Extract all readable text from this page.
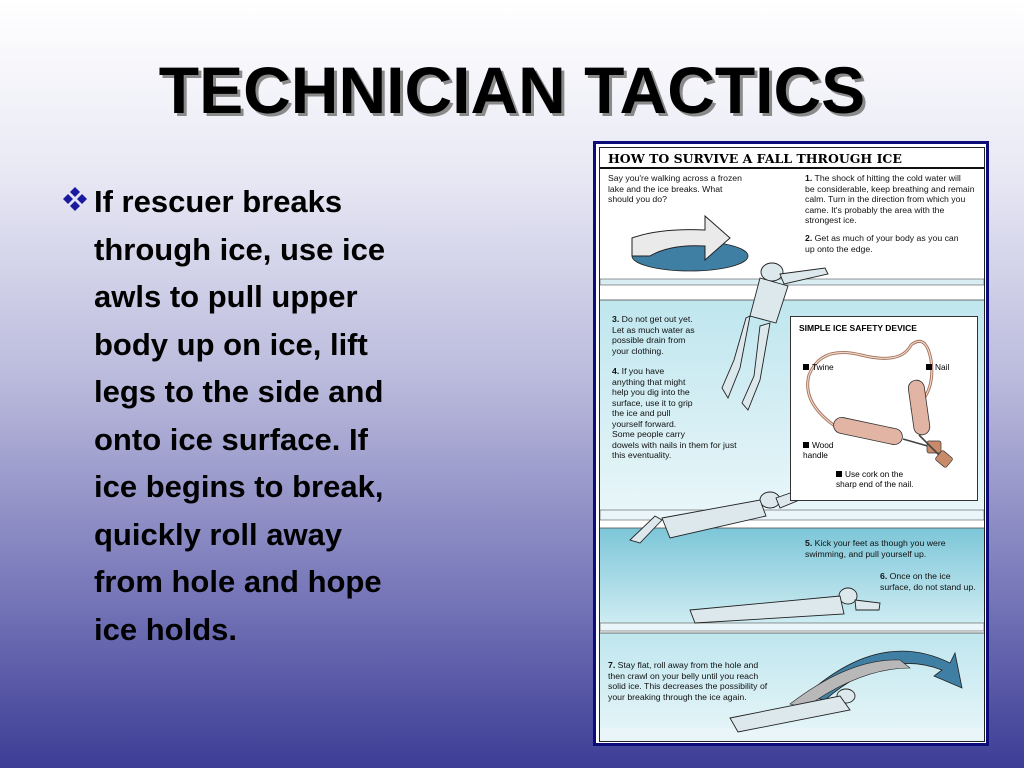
TECHNICIAN TACTICS
If rescuer breaks
through ice, use ice
awls to pull upper
body up on ice, lift
legs to the side and
onto ice surface. If
ice begins to break,
quickly roll away
from hole and hope
ice holds.
HOW TO SURVIVE A FALL THROUGH ICE
Say you're walking across a frozen
lake and the ice breaks. What
should you do?
1. The shock of hitting the cold water will
be considerable, keep breathing and remain
calm. Turn in the direction from which you
came. It's probably the area with the
strongest ice.
2. Get as much of your body as you can
up onto the edge.
3. Do not get out yet.
Let as much water as
possible drain from
your clothing.
4. If you have
anything that might
help you dig into the
surface, use it to grip
the ice and pull
yourself forward.
Some people carry
dowels with nails in them for just
this eventuality.
SIMPLE ICE SAFETY DEVICE
Twine	Nail
Wood
handle
Use cork on the
sharp end of the nail.
5. Kick your feet as though you were
swimming, and pull yourself up.
6. Once on the ice
surface, do not stand up.
7. Stay flat, roll away from the hole and
then crawl on your belly until you reach
solid ice. This decreases the possibility of
your breaking through the ice again.
